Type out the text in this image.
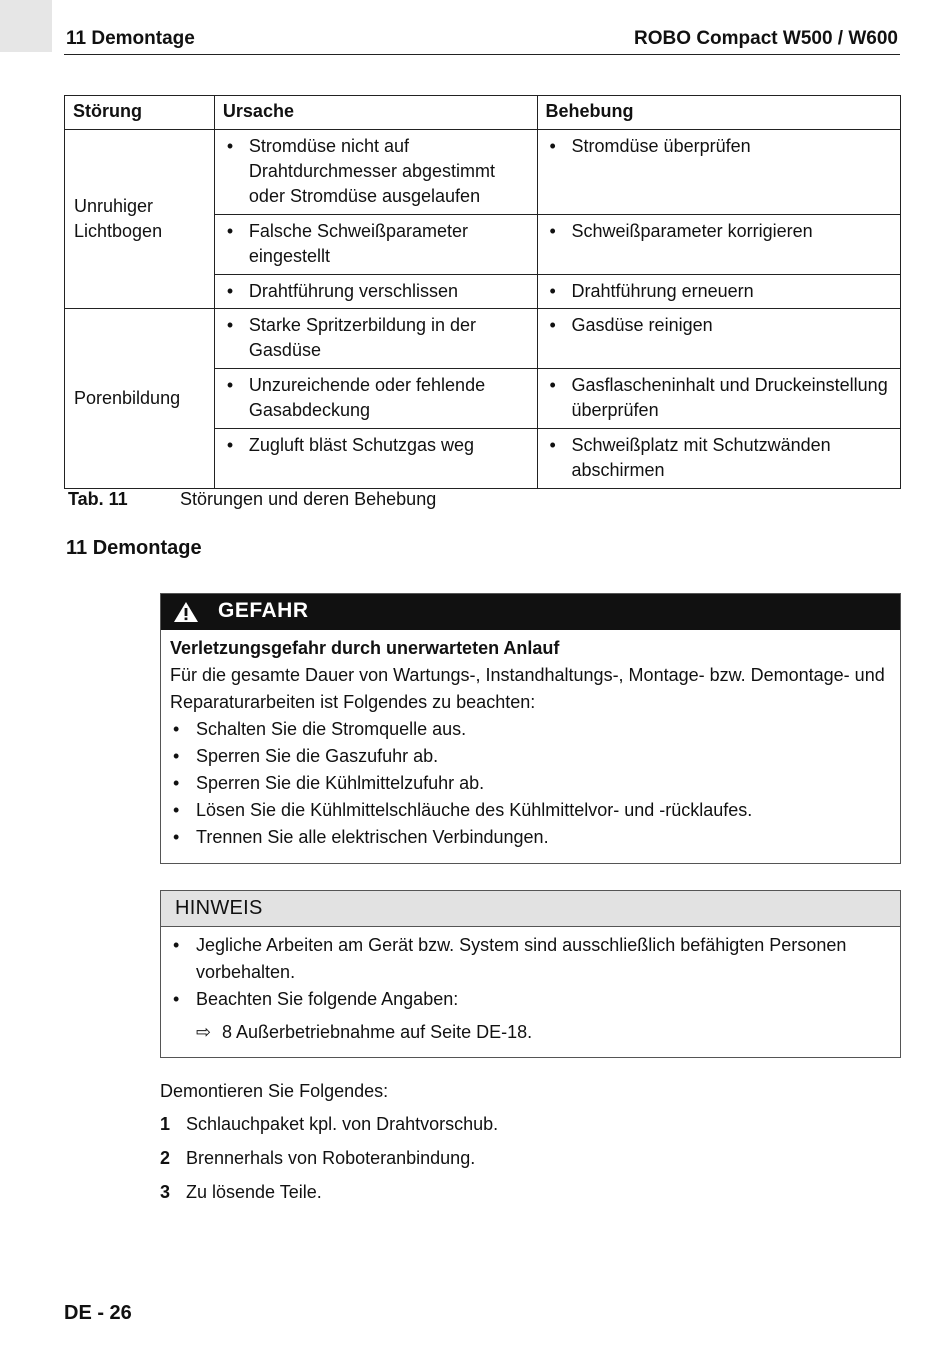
11 Demontage	ROBO Compact W500 / W600
Störung	Ursache	Behebung
Unruhiger Lichtbogen	• Stromdüse nicht auf Drahtdurchmesser abgestimmt oder Stromdüse ausgelaufen	• Stromdüse überprüfen

	• Falsche Schweißparameter eingestellt	• Schweißparameter korrigieren

	• Drahtführung verschlissen	• Drahtführung erneuern

Porenbildung	• Starke Spritzerbildung in der Gasdüse	• Gasdüse reinigen

	• Unzureichende oder fehlende Gasabdeckung	• Gasflascheninhalt und Druckeinstellung überprüfen

	• Zugluft bläst Schutzgas weg	• Schweißplatz mit Schutzwänden abschirmen
Tab. 11	Störungen und deren Behebung
11 Demontage
GEFAHR
Verletzungsgefahr durch unerwarteten Anlauf
Für die gesamte Dauer von Wartungs-, Instandhaltungs-, Montage- bzw. Demontage- und Reparaturarbeiten ist Folgendes zu beachten:
• Schalten Sie die Stromquelle aus.
• Sperren Sie die Gaszufuhr ab.
• Sperren Sie die Kühlmittelzufuhr ab.
• Lösen Sie die Kühlmittelschläuche des Kühlmittelvor- und -rücklaufes.
• Trennen Sie alle elektrischen Verbindungen.
HINWEIS
• Jegliche Arbeiten am Gerät bzw. System sind ausschließlich befähigten Personen vorbehalten.
• Beachten Sie folgende Angaben:
⇨ 8 Außerbetriebnahme auf Seite DE-18.
Demontieren Sie Folgendes:
1 Schlauchpaket kpl. von Drahtvorschub.
2 Brennerhals von Roboteranbindung.
3 Zu lösende Teile.
DE - 26
